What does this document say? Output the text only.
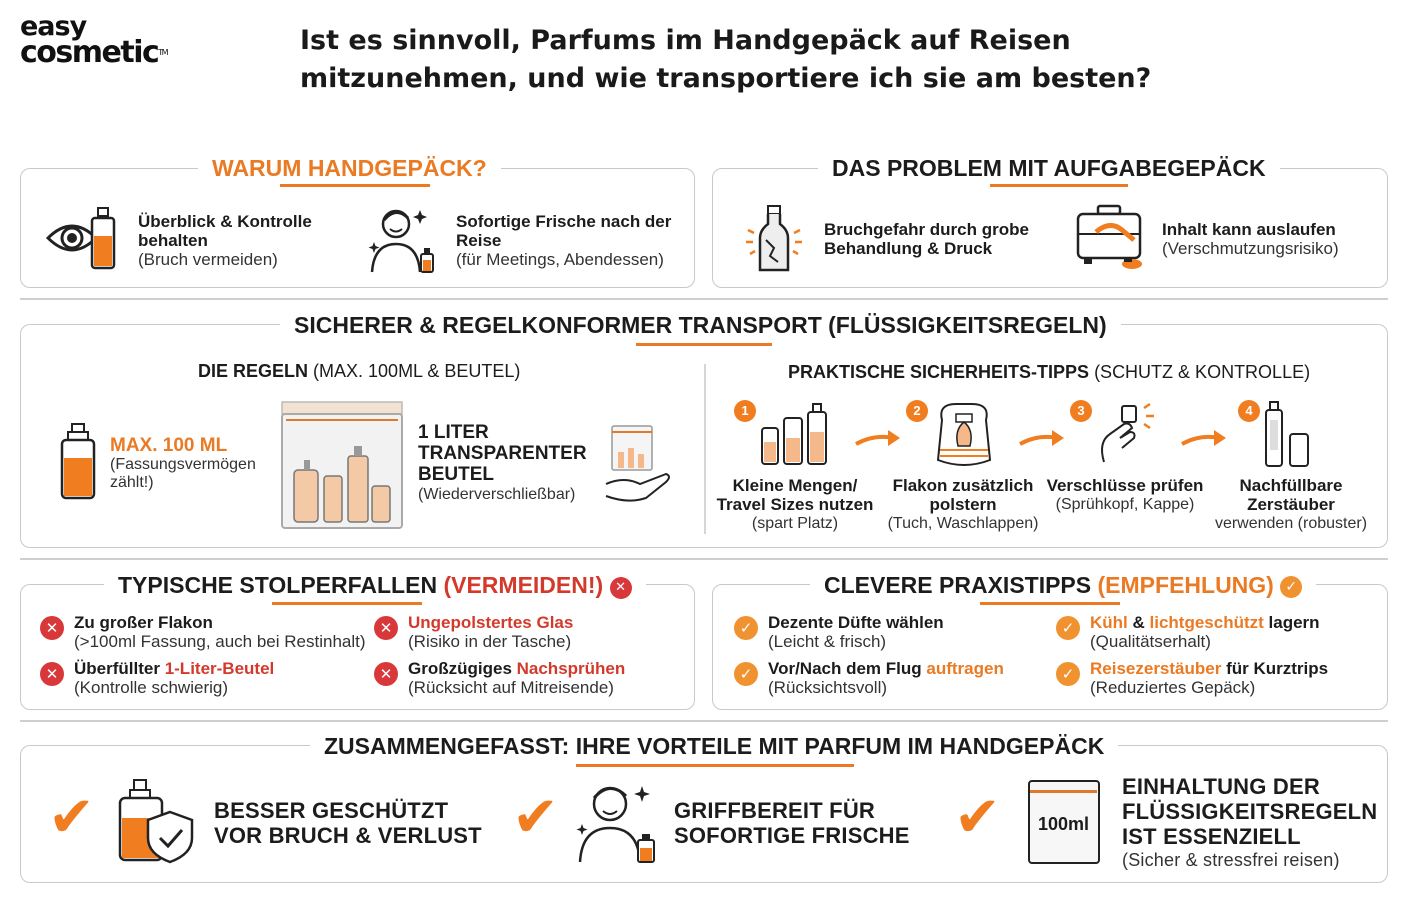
easy
cosmetic™	Ist es sinnvoll, Parfums im Handgepäck auf Reisen
mitzunehmen, und wie transportiere ich sie am besten?
WARUM HANDGEPÄCK?
Überblick & Kontrolle behalten
(Bruch vermeiden)
Sofortige Frische nach der Reise
(für Meetings, Abendessen)
DAS PROBLEM MIT AUFGABEGEPÄCK
Bruchgefahr durch grobe Behandlung & Druck
Inhalt kann auslaufen
(Verschmutzungsrisiko)
SICHERER & REGELKONFORMER TRANSPORT (FLÜSSIGKEITSREGELN)
DIE REGELN (MAX. 100ML & BEUTEL)
MAX. 100 ML
(Fassungsvermögen zählt!)
1 LITER TRANSPARENTER BEUTEL
(Wiederverschließbar)
PRAKTISCHE SICHERHEITS-TIPPS (SCHUTZ & KONTROLLE)
1
Kleine Mengen/ Travel Sizes nutzen
(spart Platz)
2
Flakon zusätzlich polstern
(Tuch, Waschlappen)
3
Verschlüsse prüfen
(Sprühkopf, Kappe)
4
Nachfüllbare Zerstäuber
verwenden (robuster)
TYPISCHE STOLPERFALLEN (VERMEIDEN!) ✕
✕ Zu großer Flakon
(>100ml Fassung, auch bei Restinhalt)
✕ Ungepolstertes Glas
(Risiko in der Tasche)
✕ Überfüllter 1-Liter-Beutel
(Kontrolle schwierig)
✕ Großzügiges Nachsprühen
(Rücksicht auf Mitreisende)
CLEVERE PRAXISTIPPS (EMPFEHLUNG) ✓
✓ Dezente Düfte wählen
(Leicht & frisch)
✓ Kühl & lichtgeschützt lagern
(Qualitätserhalt)
✓ Vor/Nach dem Flug auftragen
(Rücksichtsvoll)
✓ Reisezerstäuber für Kurztrips
(Reduziertes Gepäck)
ZUSAMMENGEFASST: IHRE VORTEILE MIT PARFUM IM HANDGEPÄCK
✔	BESSER GESCHÜTZT
VOR BRUCH & VERLUST ✔	GRIFFBEREIT FÜR
SOFORTIGE FRISCHE ✔	100ml
EINHALTUNG DER
FLÜSSIGKEITSREGELN
IST ESSENZIELL
(Sicher & stressfrei reisen)
